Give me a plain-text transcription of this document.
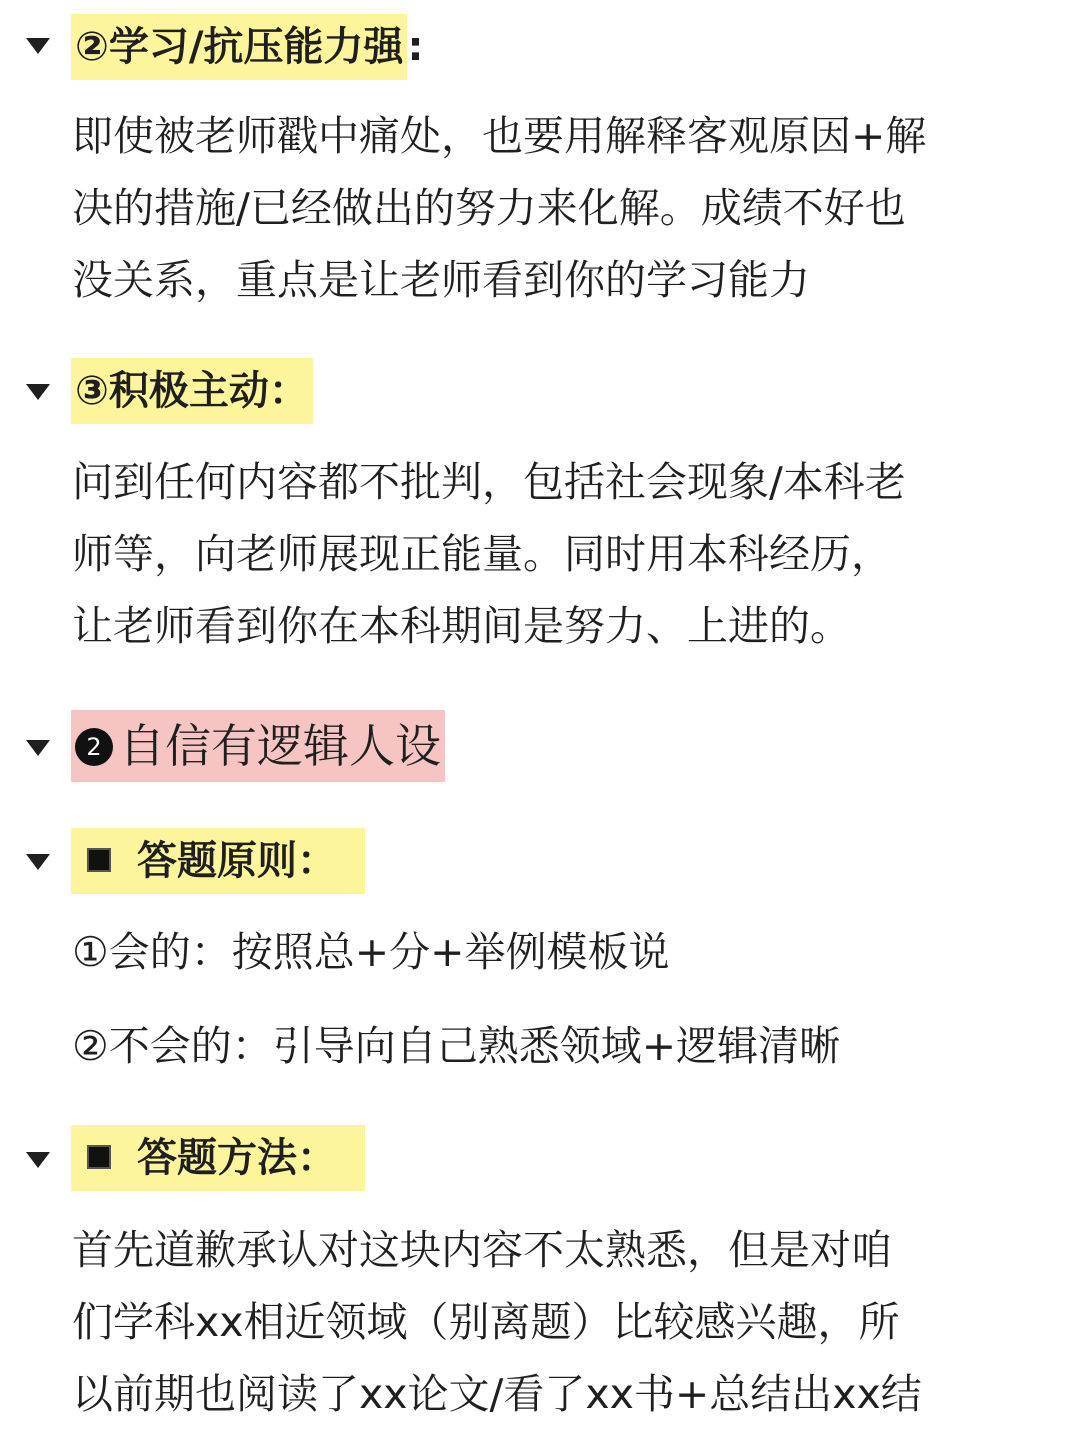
②学习/抗压能力强 :
即使被老师戳中痛处，也要用解释客观原因+解
决的措施/已经做出的努力来化解。成绩不好也
没关系，重点是让老师看到你的学习能力
③积极主动：
问到任何内容都不批判，包括社会现象/本科老
师等，向老师展现正能量。同时用本科经历，
让老师看到你在本科期间是努力、上进的。
2 自信有逻辑人设
答题原则：
①会的：按照总+分+举例模板说
②不会的：引导向自己熟悉领域+逻辑清晰
答题方法：
首先道歉承认对这块内容不太熟悉，但是对咱
们学科xx相近领域（别离题）比较感兴趣，所
以前期也阅读了xx论文/看了xx书+总结出xx结
